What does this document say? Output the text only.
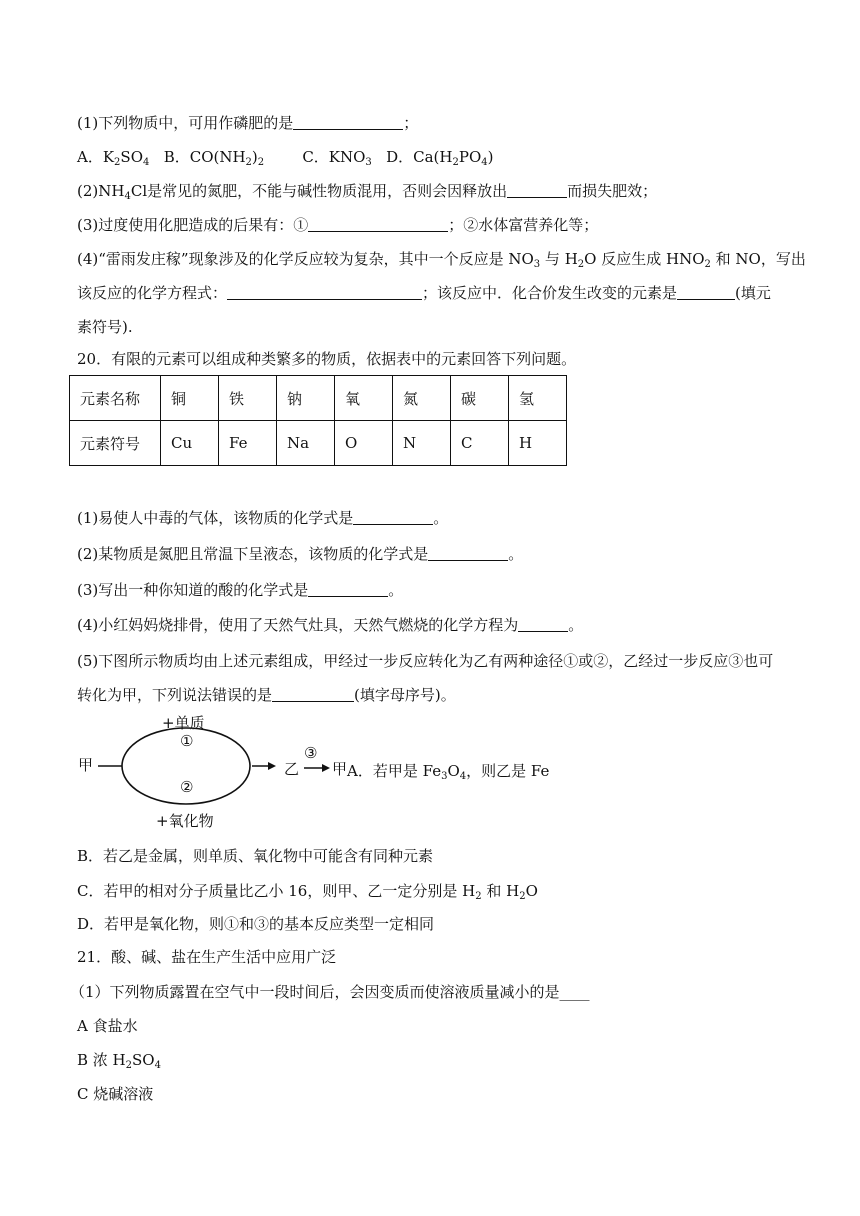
(1)下列物质中，可用作磷肥的是	；
A．$K_2SO_4$ B．$CO(NH_2)_2$	C．$KNO_3$ D．$Ca(H_2PO_4)$
$(2)NH_4Cl$是常见的氮肥，不能与碱性物质混用，否则会因释放出	而损失肥效；
(3)过度使用化肥造成的后果有：①	；②水体富营养化等；
(4)“雷雨发庄稼”现象涉及的化学反应较为复杂，其中一个反应是 $NO_3$ 与 $H_2O$ 反应生成 $HNO_2$ 和 NO，写出
该反应的化学方程式：	；该反应中．化合价发生改变的元素是	(填元
素符号).
20．有限的元素可以组成种类繁多的物质，依据表中的元素回答下列问题。
元素名称	铜	铁	钠	氧	氮	碳	氢
元素符号	Cu	Fe	Na	O	N	C	H
(1)易使人中毒的气体，该物质的化学式是	。
(2)某物质是氮肥且常温下呈液态，该物质的化学式是	。
(3)写出一种你知道的酸的化学式是	。
(4)小红妈妈烧排骨，使用了天然气灶具，天然气燃烧的化学方程为	。
(5)下图所示物质均由上述元素组成，甲经过一步反应转化为乙有两种途径①或②，乙经过一步反应③也可
转化为甲，下列说法错误的是	(填字母序号)。
甲
+单质
①
②
+氧化物
乙
③
甲 A．若甲是 $Fe_3O_4$，则乙是 Fe
B．若乙是金属，则单质、氧化物中可能含有同种元素
C．若甲的相对分子质量比乙小 16，则甲、乙一定分别是 $H_2$ 和 $H_2O$
D．若甲是氧化物，则①和③的基本反应类型一定相同
21．酸、碱、盐在生产生活中应用广泛
（1）下列物质露置在空气中一段时间后，会因变质而使溶液质量减小的是____
A 食盐水
B 浓 $H_2SO_4$
C 烧碱溶液
